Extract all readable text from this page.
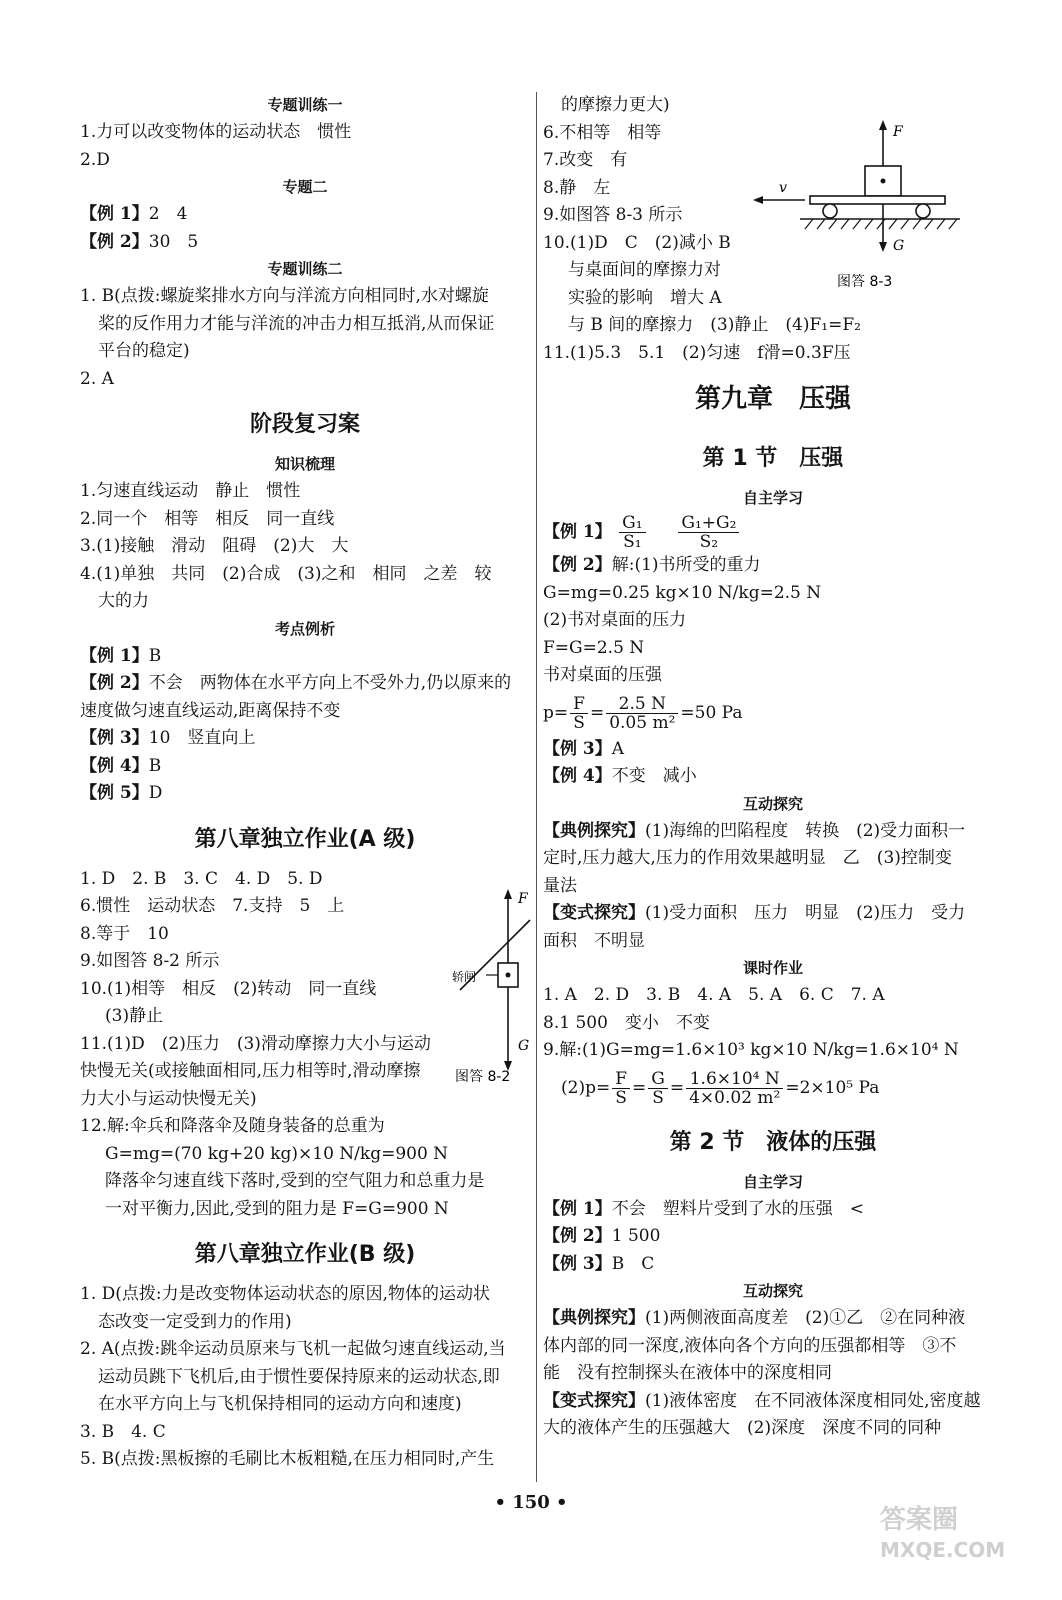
专题训练一
1.力可以改变物体的运动状态　惯性
2.D
专题二
【例 1】2　4
【例 2】30　5
专题训练二
1. B(点拨:螺旋桨排水方向与洋流方向相同时,水对螺旋
桨的反作用力才能与洋流的冲击力相互抵消,从而保证
平台的稳定)
2. A
阶段复习案
知识梳理
1.匀速直线运动　静止　惯性
2.同一个　相等　相反　同一直线
3.(1)接触　滑动　阻碍　(2)大　大
4.(1)单独　共同　(2)合成　(3)之和　相同　之差　较
大的力
考点例析
【例 1】B
【例 2】不会　两物体在水平方向上不受外力,仍以原来的
速度做匀速直线运动,距离保持不变
【例 3】10　竖直向上
【例 4】B
【例 5】D
第八章独立作业(A 级)
1. D　2. B　3. C　4. D　5. D
6.惯性　运动状态　7.支持　5　上
8.等于　10
9.如图答 8-2 所示
10.(1)相等　相反　(2)转动　同一直线
(3)静止
11.(1)D　(2)压力　(3)滑动摩擦力大小与运动快慢无关(或接触面相同,压力相等时,滑动摩擦力大小与运动快慢无关)
12.解:伞兵和降落伞及随身装备的总重为
G=mg=(70 kg+20 kg)×10 N/kg=900 N
降落伞匀速直线下落时,受到的空气阻力和总重力是
一对平衡力,因此,受到的阻力是 F=G=900 N
第八章独立作业(B 级)
1. D(点拨:力是改变物体运动状态的原因,物体的运动状
态改变一定受到力的作用)
2. A(点拨:跳伞运动员原来与飞机一起做匀速直线运动,当
运动员跳下飞机后,由于惯性要保持原来的运动状态,即
在水平方向上与飞机保持相同的运动方向和速度)
3. B　4. C
5. B(点拨:黑板擦的毛刷比木板粗糙,在压力相同时,产生
F
G
轿闸
图答 8-2
v
F
G
图答 8-3
的摩擦力更大)
6.不相等　相等
7.改变　有
8.静　左
9.如图答 8-3 所示
10.(1)D　C　(2)减小 B
与桌面间的摩擦力对
实验的影响　增大 A
与 B 间的摩擦力　(3)静止　(4)F₁=F₂
11.(1)5.3　5.1　(2)匀速　f滑=0.3F压
第九章　压强
第 1 节　压强
自主学习
【例 1】 $\frac{\text{G₁}}{\text{S₁}}$
$\frac{\text{G₁+G₂}}{\text{S₂}}$
【例 2】解:(1)书所受的重力
G=mg=0.25 kg×10 N/kg=2.5 N
(2)书对桌面的压力
F=G=2.5 N
书对桌面的压强
$p= \frac{F}{S} = \frac{2.5 N}{\text{0.05 m²}} =50$ Pa
【例 3】A
【例 4】不变　减小
互动探究
【典例探究】(1)海绵的凹陷程度　转换　(2)受力面积一
定时,压力越大,压力的作用效果越明显　乙　(3)控制变
量法
【变式探究】(1)受力面积　压力　明显　(2)压力　受力
面积　不明显
课时作业
1. A　2. D　3. B　4. A　5. A　6. C　7. A
8.1 500　变小　不变
9.解:(1)G=mg=1.6×10³ kg×10 N/kg=1.6×10⁴ N
$(2)p= \frac{F}{S} = \frac{G}{S} = \frac{\text{1.6×10⁴ N}}{\text{4×0.02 m²}} =2\times 10^5$ Pa
第 2 节　液体的压强
自主学习
【例 1】不会　塑料片受到了水的压强　<
【例 2】1 500
【例 3】B　C
互动探究
【典例探究】(1)两侧液面高度差　(2)①乙　②在同种液
体内部的同一深度,液体向各个方向的压强都相等　③不
能　没有控制探头在液体中的深度相同
【变式探究】(1)液体密度　在不同液体深度相同处,密度越
大的液体产生的压强越大　(2)深度　深度不同的同种
• 150 •
答案圈
MXQE.COM
